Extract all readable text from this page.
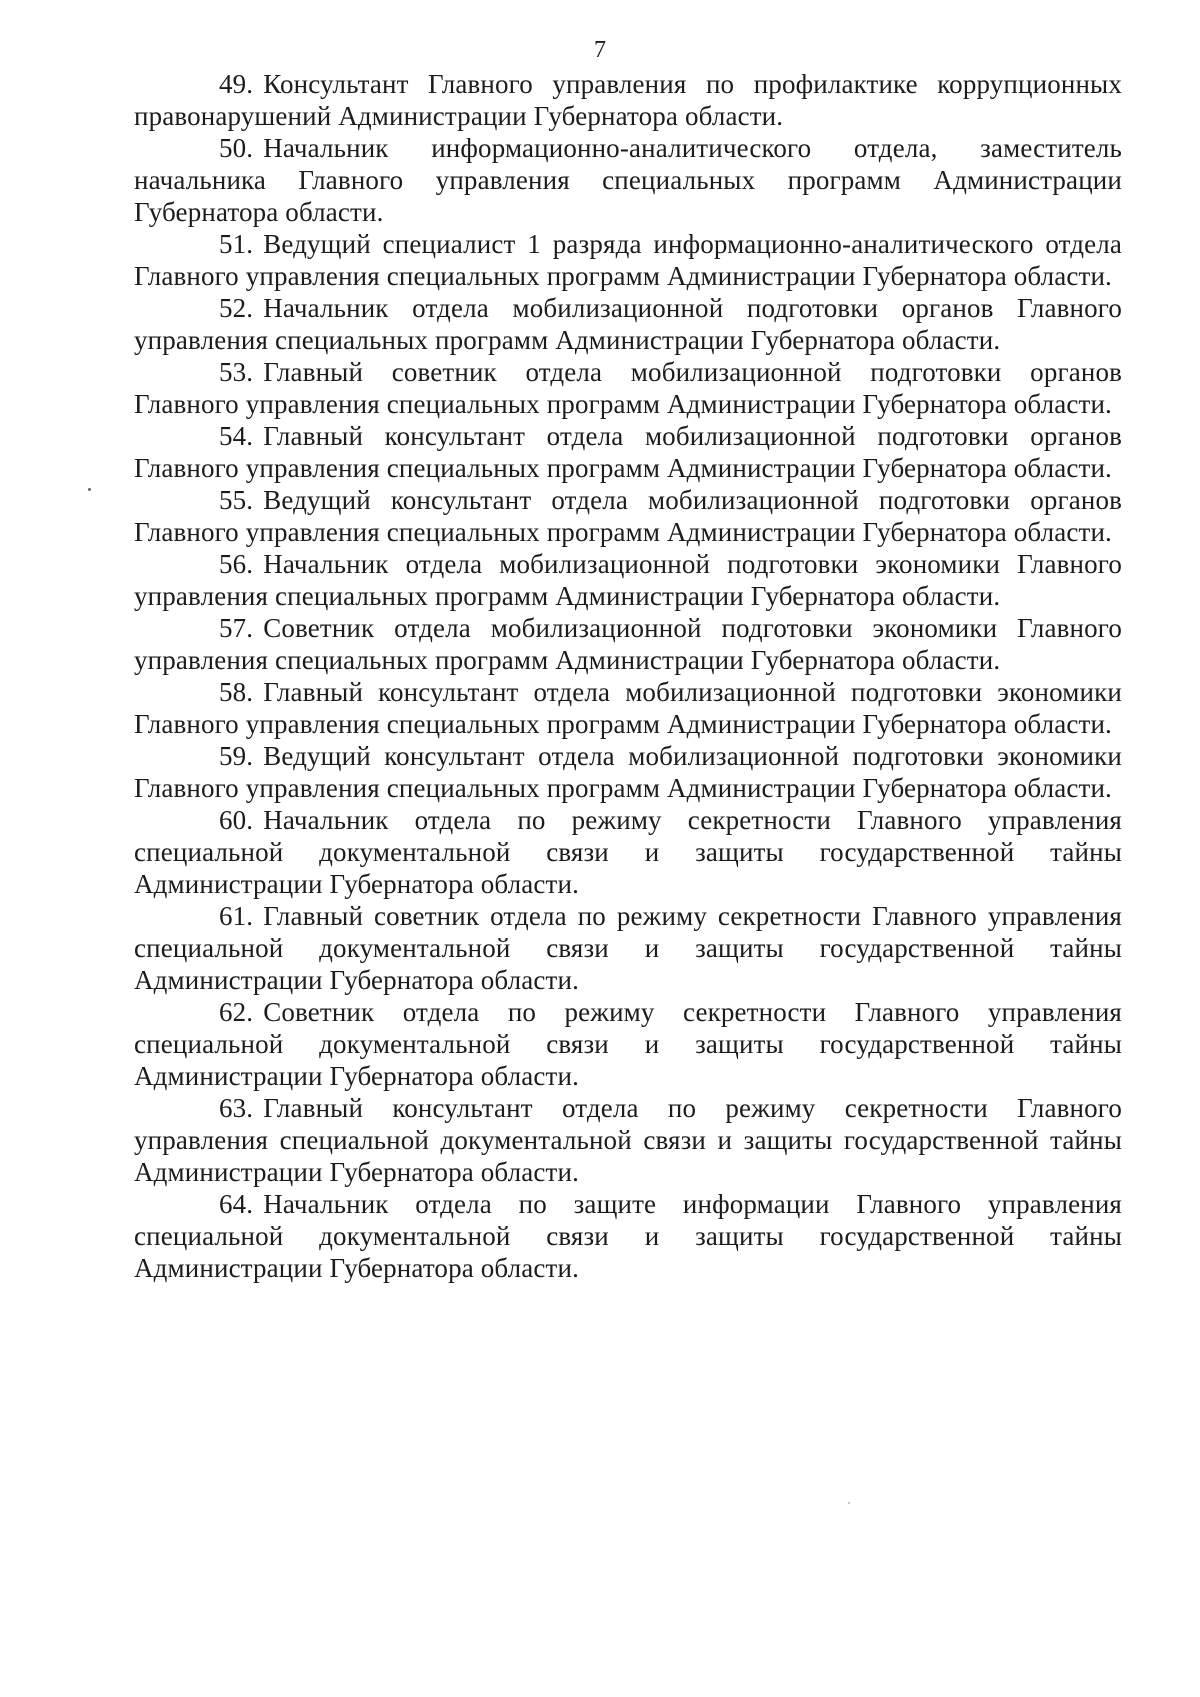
7

49. Консультант Главного управления по профилактике коррупционных правонарушений Администрации Губернатора области.

50. Начальник информационно-аналитического отдела, заместитель начальника Главного управления специальных программ Администрации Губернатора области.

51. Ведущий специалист 1 разряда информационно-аналитического отдела Главного управления специальных программ Администрации Губернатора области.

52. Начальник отдела мобилизационной подготовки органов Главного управления специальных программ Администрации Губернатора области.

53. Главный советник отдела мобилизационной подготовки органов Главного управления специальных программ Администрации Губернатора области.

54. Главный консультант отдела мобилизационной подготовки органов Главного управления специальных программ Администрации Губернатора области.

55. Ведущий консультант отдела мобилизационной подготовки органов Главного управления специальных программ Администрации Губернатора области.

56. Начальник отдела мобилизационной подготовки экономики Главного управления специальных программ Администрации Губернатора области.

57. Советник отдела мобилизационной подготовки экономики Главного управления специальных программ Администрации Губернатора области.

58. Главный консультант отдела мобилизационной подготовки экономики Главного управления специальных программ Администрации Губернатора области.

59. Ведущий консультант отдела мобилизационной подготовки экономики Главного управления специальных программ Администрации Губернатора области.

60. Начальник отдела по режиму секретности Главного управления специальной документальной связи и защиты государственной тайны Администрации Губернатора области.

61. Главный советник отдела по режиму секретности Главного управления специальной документальной связи и защиты государственной тайны Администрации Губернатора области.

62. Советник отдела по режиму секретности Главного управления специальной документальной связи и защиты государственной тайны Администрации Губернатора области.

63. Главный консультант отдела по режиму секретности Главного управления специальной документальной связи и защиты государственной тайны Администрации Губернатора области.

64. Начальник отдела по защите информации Главного управления специальной документальной связи и защиты государственной тайны Администрации Губернатора области.
